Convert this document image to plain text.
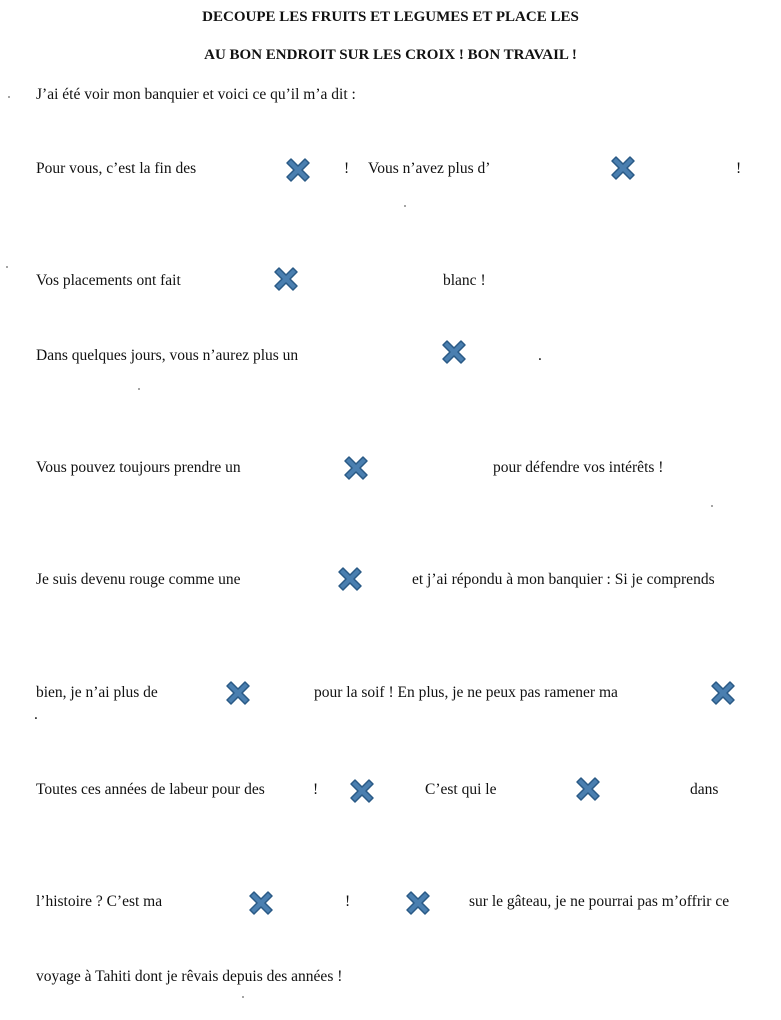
DECOUPE LES FRUITS ET LEGUMES ET PLACE LES
AU BON ENDROIT SUR LES CROIX ! BON TRAVAIL !

J’ai été voir mon banquier et voici ce qu’il m’a dit :

Pour vous, c’est la fin des	! Vous n’avez plus d’	!

Vos placements ont fait	blanc !

Dans quelques jours, vous n’aurez plus un	.

Vous pouvez toujours prendre un	pour défendre vos intérêts !

Je suis devenu rouge comme une	et j’ai répondu à mon banquier : Si je comprends

bien, je n’ai plus de	pour la soif ! En plus, je ne peux pas ramener ma

.

Toutes ces années de labeur pour des	!	C’est qui le	dans

l’histoire ? C’est ma	!	sur le gâteau, je ne pourrai pas m’offrir ce

voyage à Tahiti dont je rêvais depuis des années !
